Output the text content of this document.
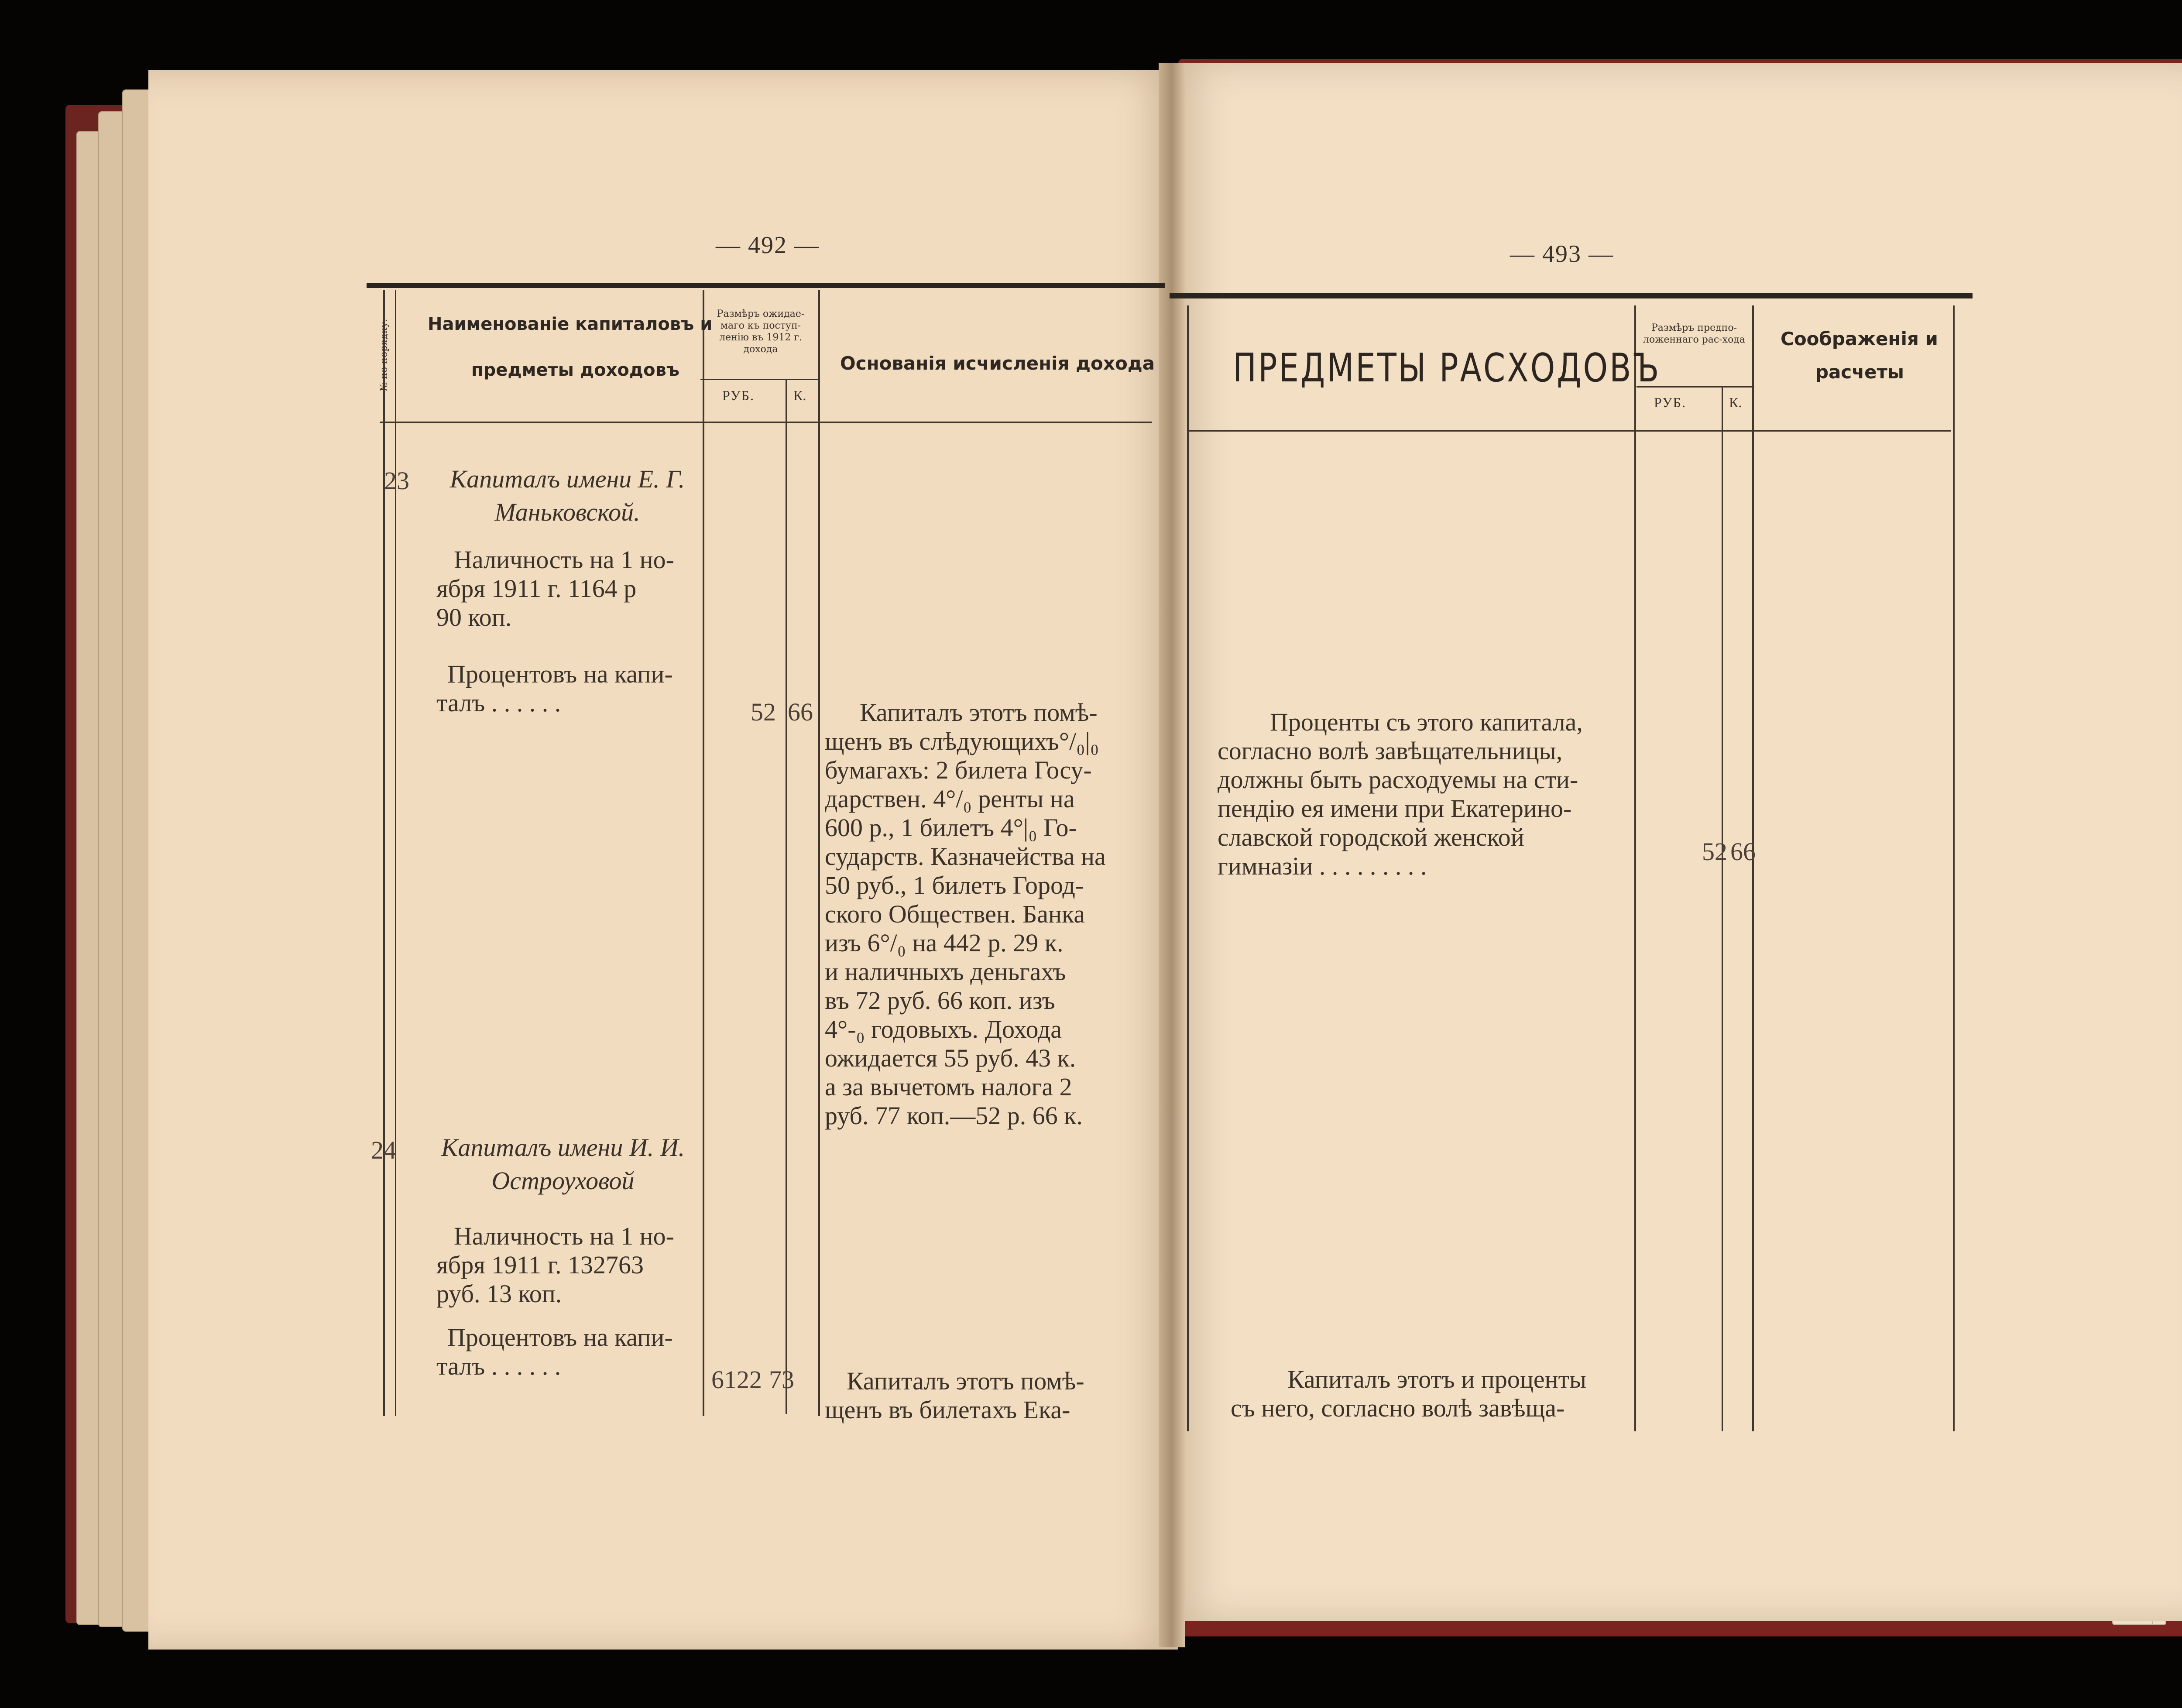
— 492 —
№ по порядку. Наименованіе капиталовъ и
предметы доходовъ
Размѣръ ожидае-маго къ поступ-ленію въ 1912 г. дохода
РУБ.	К.
Основанія исчисленія дохода
23	Капиталъ имени Е. Г.
Маньковской.
Наличность на 1 но-
ября 1911 г. 1164 р
90 коп.
Процентовъ на капи-
талъ . . . . . .	52 66	Капиталъ этотъ помѣ-
щенъ въ слѣдующихъ°/₀|₀
бумагахъ: 2 билета Госу-
дарствен. 4°/₀ ренты на
600 р., 1 билетъ 4°|₀ Го-
сударств. Казначейства на
50 руб., 1 билетъ Город-
ского Обществен. Банка
изъ 6°/₀ на 442 р. 29 к.
и наличныхъ деньгахъ
въ 72 руб. 66 коп. изъ
4°-₀ годовыхъ. Дохода
ожидается 55 руб. 43 к.
а за вычетомъ налога 2
руб. 77 коп.—52 р. 66 к.
24	Капиталъ имени И. И.
Остроуховой
Наличность на 1 но-
ября 1911 г. 132763
руб. 13 коп.
Процентовъ на капи-
талъ . . . . . .	6122 73	Капиталъ этотъ помѣ-
щенъ въ билетахъ Ека-
— 493 —
ПРЕДМЕТЫ РАСХОДОВЪ
Размѣръ предпо-ложеннаго рас-хода
РУБ.	К.
Соображенія и
расчеты
Проценты съ этого капитала,
согласно волѣ завѣщательницы,
должны быть расходуемы на сти-
пендію ея имени при Екатерино-
славской городской женской
гимназіи . . . . . . . . .
52 66
Капиталъ этотъ и проценты
съ него, согласно волѣ завѣща-
